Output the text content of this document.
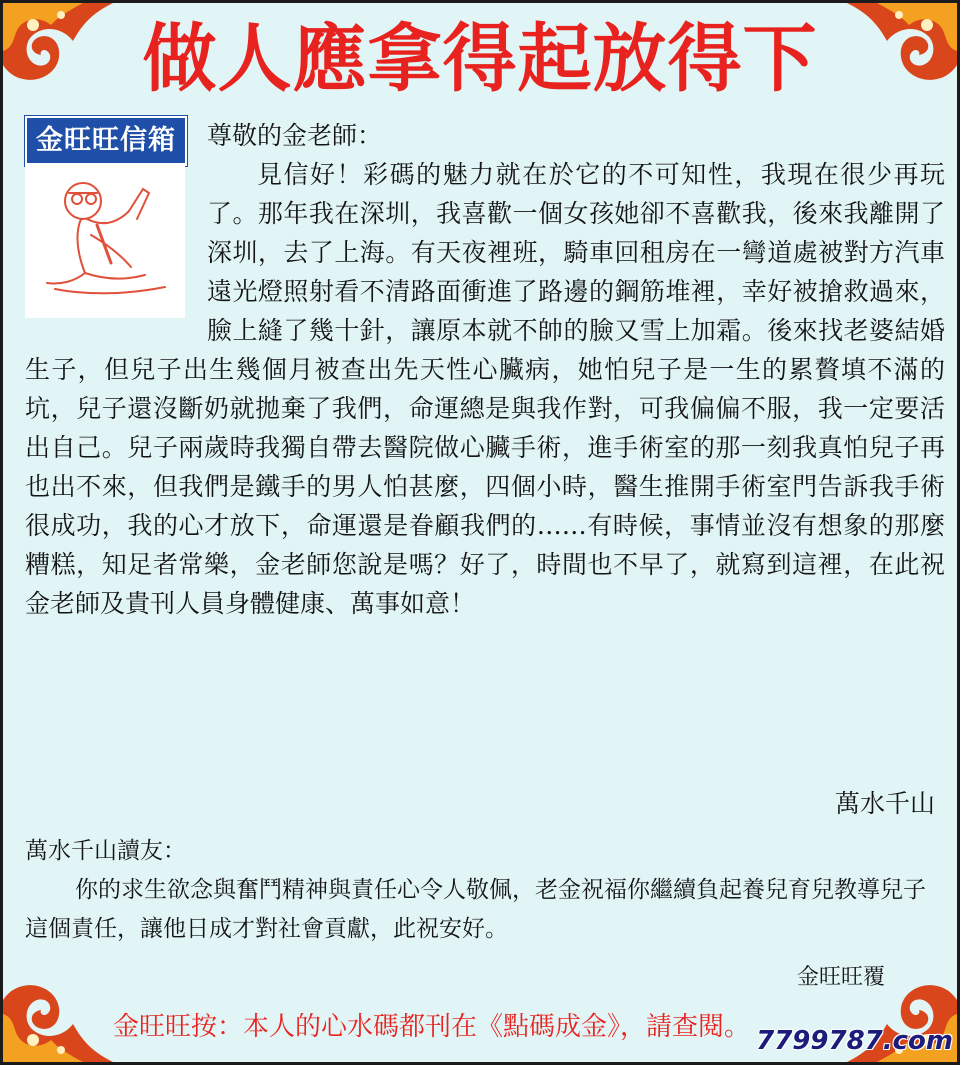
做人應拿得起放得下
金旺旺信箱	尊敬的金老師：

見信好！彩碼的魅力就在於它的不可知性，我現在很少再玩了。那年我在深圳，我喜歡一個女孩她卻不喜歡我，後來我離開了深圳，去了上海。有天夜裡班，騎車回租房在一彎道處被對方汽車遠光燈照射看不清路面衝進了路邊的鋼筋堆裡，幸好被搶救過來，臉上縫了幾十針，讓原本就不帥的臉又雪上加霜。後來找老婆結婚生子，但兒子出生幾個月被查出先天性心臟病，她怕兒子是一生的累贅填不滿的坑，兒子還沒斷奶就拋棄了我們，命運總是與我作對，可我偏偏不服，我一定要活出自己。兒子兩歲時我獨自帶去醫院做心臟手術，進手術室的那一刻我真怕兒子再也出不來，但我們是鐵手的男人怕甚麼，四個小時，醫生推開手術室門告訴我手術很成功，我的心才放下，命運還是眷顧我們的……有時候，事情並沒有想象的那麼糟糕，知足者常樂，金老師您說是嗎？好了，時間也不早了，就寫到這裡，在此祝金老師及貴刊人員身體健康、萬事如意！

萬水千山

萬水千山讀友：

你的求生欲念與奮鬥精神與責任心令人敬佩，老金祝福你繼續負起養兒育兒教導兒子這個責任，讓他日成才對社會貢獻，此祝安好。

金旺旺覆
金旺旺按：本人的心水碼都刊在《點碼成金》，請查閱。 7799787.com
